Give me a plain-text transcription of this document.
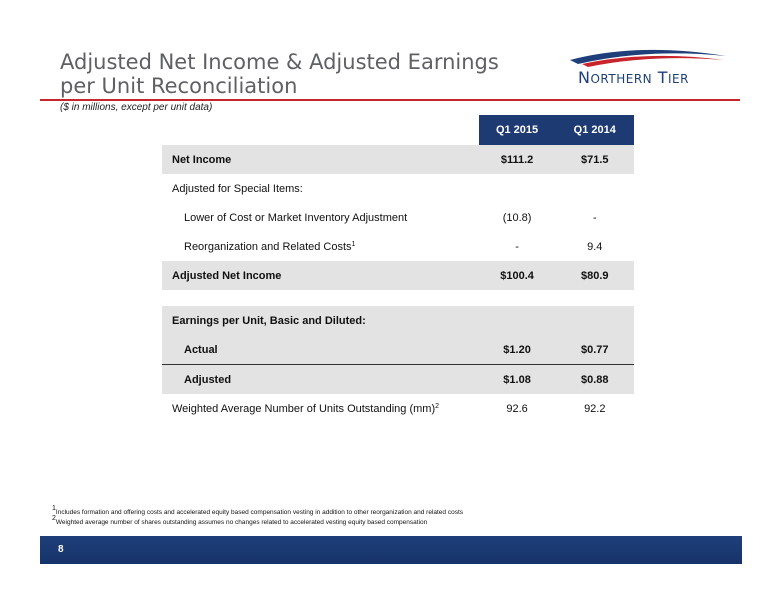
Adjusted Net Income & Adjusted Earnings
per Unit Reconciliation	NORTHERN TIER
($ in millions, except per unit data)
	Q1 2015	Q1 2014
Net Income	$111.2	$71.5
Adjusted for Special Items:		
Lower of Cost or Market Inventory Adjustment	(10.8)	-
Reorganization and Related Costs$^1$	-	9.4
Adjusted Net Income	$100.4	$80.9

Earnings per Unit, Basic and Diluted:		
Actual	$1.20	$0.77
Adjusted	$1.08	$0.88
Weighted Average Number of Units Outstanding (mm)$^2$	92.6	92.2
$^1$Includes formation and offering costs and accelerated equity based compensation vesting in addition to other reorganization and related costs
$^2$Weighted average number of shares outstanding assumes no changes related to accelerated vesting equity based compensation
8
